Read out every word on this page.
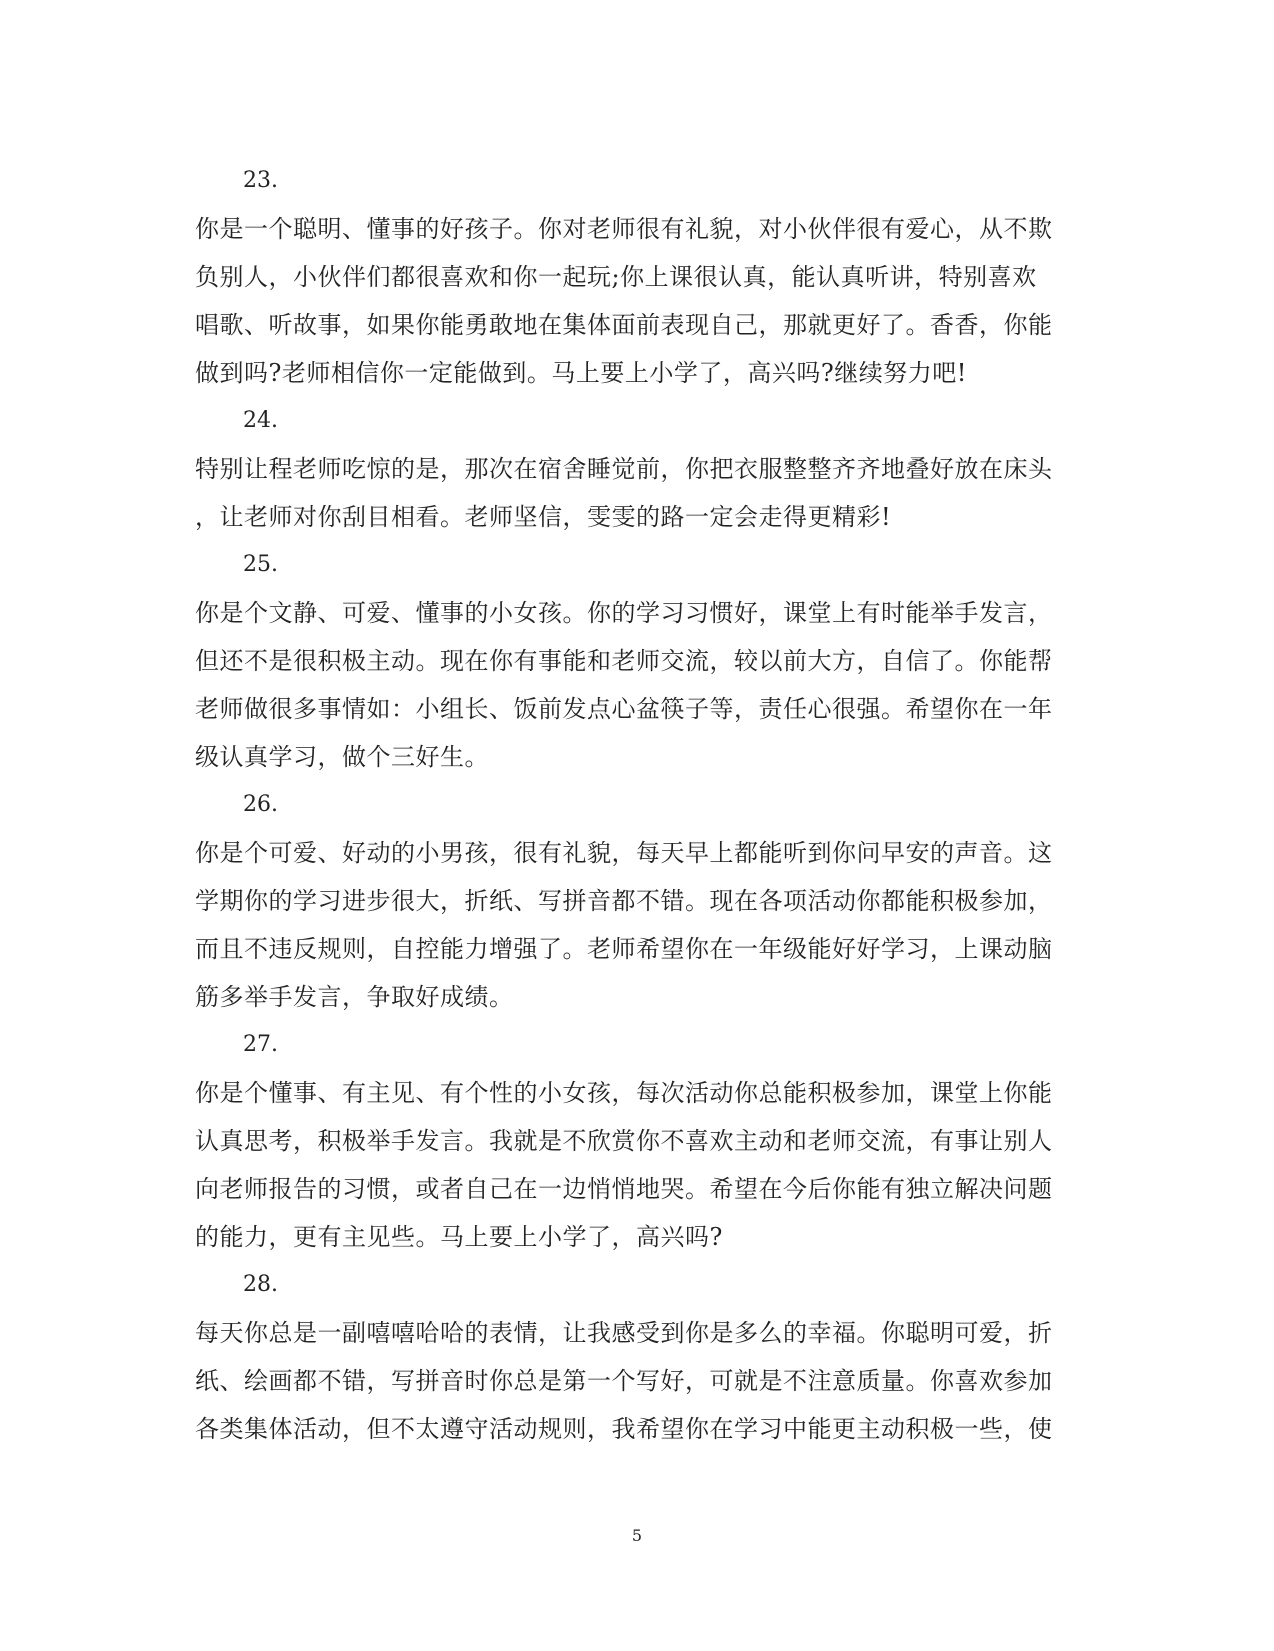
23.

你是一个聪明、懂事的好孩子。你对老师很有礼貌，对小伙伴很有爱心，从不欺
负别人，小伙伴们都很喜欢和你一起玩;你上课很认真，能认真听讲，特别喜欢
唱歌、听故事，如果你能勇敢地在集体面前表现自己，那就更好了。香香，你能
做到吗?老师相信你一定能做到。马上要上小学了，高兴吗?继续努力吧!

24.

特别让程老师吃惊的是，那次在宿舍睡觉前，你把衣服整整齐齐地叠好放在床头
，让老师对你刮目相看。老师坚信，雯雯的路一定会走得更精彩!

25.

你是个文静、可爱、懂事的小女孩。你的学习习惯好，课堂上有时能举手发言，
但还不是很积极主动。现在你有事能和老师交流，较以前大方，自信了。你能帮
老师做很多事情如：小组长、饭前发点心盆筷子等，责任心很强。希望你在一年
级认真学习，做个三好生。

26.

你是个可爱、好动的小男孩，很有礼貌，每天早上都能听到你问早安的声音。这
学期你的学习进步很大，折纸、写拼音都不错。现在各项活动你都能积极参加，
而且不违反规则，自控能力增强了。老师希望你在一年级能好好学习，上课动脑
筋多举手发言，争取好成绩。

27.

你是个懂事、有主见、有个性的小女孩，每次活动你总能积极参加，课堂上你能
认真思考，积极举手发言。我就是不欣赏你不喜欢主动和老师交流，有事让别人
向老师报告的习惯，或者自己在一边悄悄地哭。希望在今后你能有独立解决问题
的能力，更有主见些。马上要上小学了，高兴吗?

28.

每天你总是一副嘻嘻哈哈的表情，让我感受到你是多么的幸福。你聪明可爱，折
纸、绘画都不错，写拼音时你总是第一个写好，可就是不注意质量。你喜欢参加
各类集体活动，但不太遵守活动规则，我希望你在学习中能更主动积极一些，使

5
